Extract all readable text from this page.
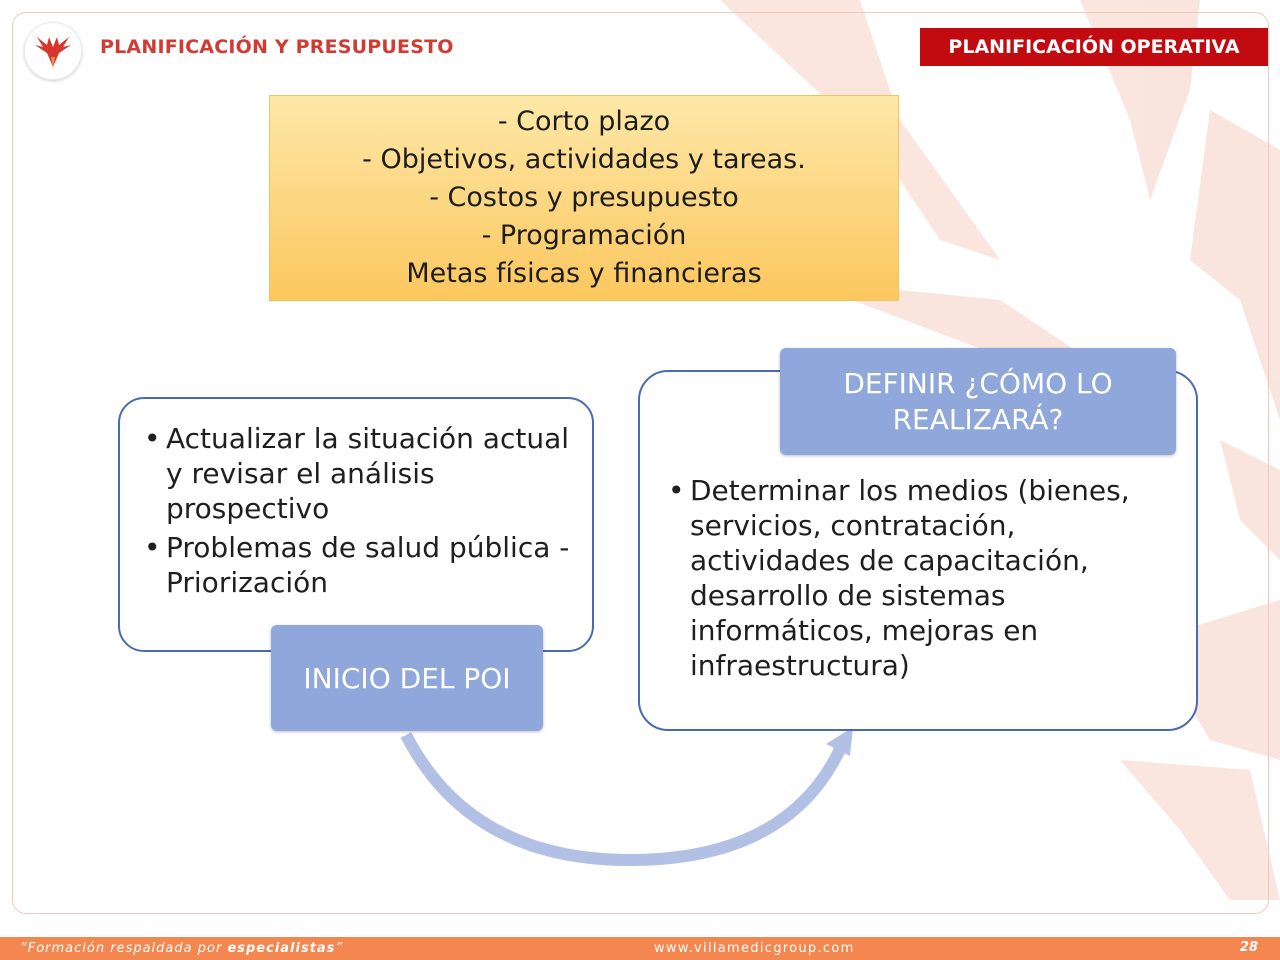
PLANIFICACIÓN Y PRESUPUESTO	PLANIFICACIÓN OPERATIVA
- Corto plazo
- Objetivos, actividades y tareas.
- Costos y presupuesto
- Programación
Metas físicas y financieras
• Actualizar la situación actual y revisar el análisis prospectivo
• Problemas de salud pública - Priorización
• Determinar los medios (bienes, servicios, contratación, actividades de capacitación, desarrollo de sistemas informáticos, mejoras en infraestructura)
INICIO DEL POI
DEFINIR ¿CÓMO LO REALIZARÁ?
“Formación respaldada por especialistas”	www.villamedicgroup.com	28
